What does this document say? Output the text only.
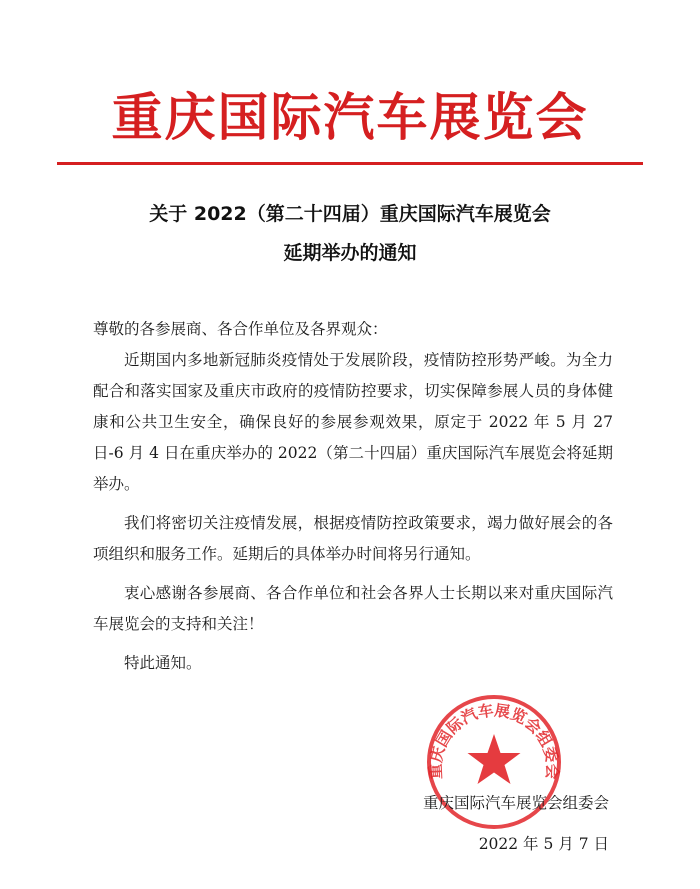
重庆国际汽车展览会
关于 2022（第二十四届）重庆国际汽车展览会
延期举办的通知

尊敬的各参展商、各合作单位及各界观众：

近期国内多地新冠肺炎疫情处于发展阶段，疫情防控形势严峻。为全力配合和落实国家及重庆市政府的疫情防控要求，切实保障参展人员的身体健康和公共卫生安全，确保良好的参展参观效果，原定于 2022 年 5 月 27 日-6 月 4 日在重庆举办的 2022（第二十四届）重庆国际汽车展览会将延期举办。

我们将密切关注疫情发展，根据疫情防控政策要求，竭力做好展会的各项组织和服务工作。延期后的具体举办时间将另行通知。

衷心感谢各参展商、各合作单位和社会各界人士长期以来对重庆国际汽车展览会的支持和关注！

特此通知。

重庆国际汽车展览会组委会
重庆国际汽车展览会组委会
2022 年 5 月 7 日
